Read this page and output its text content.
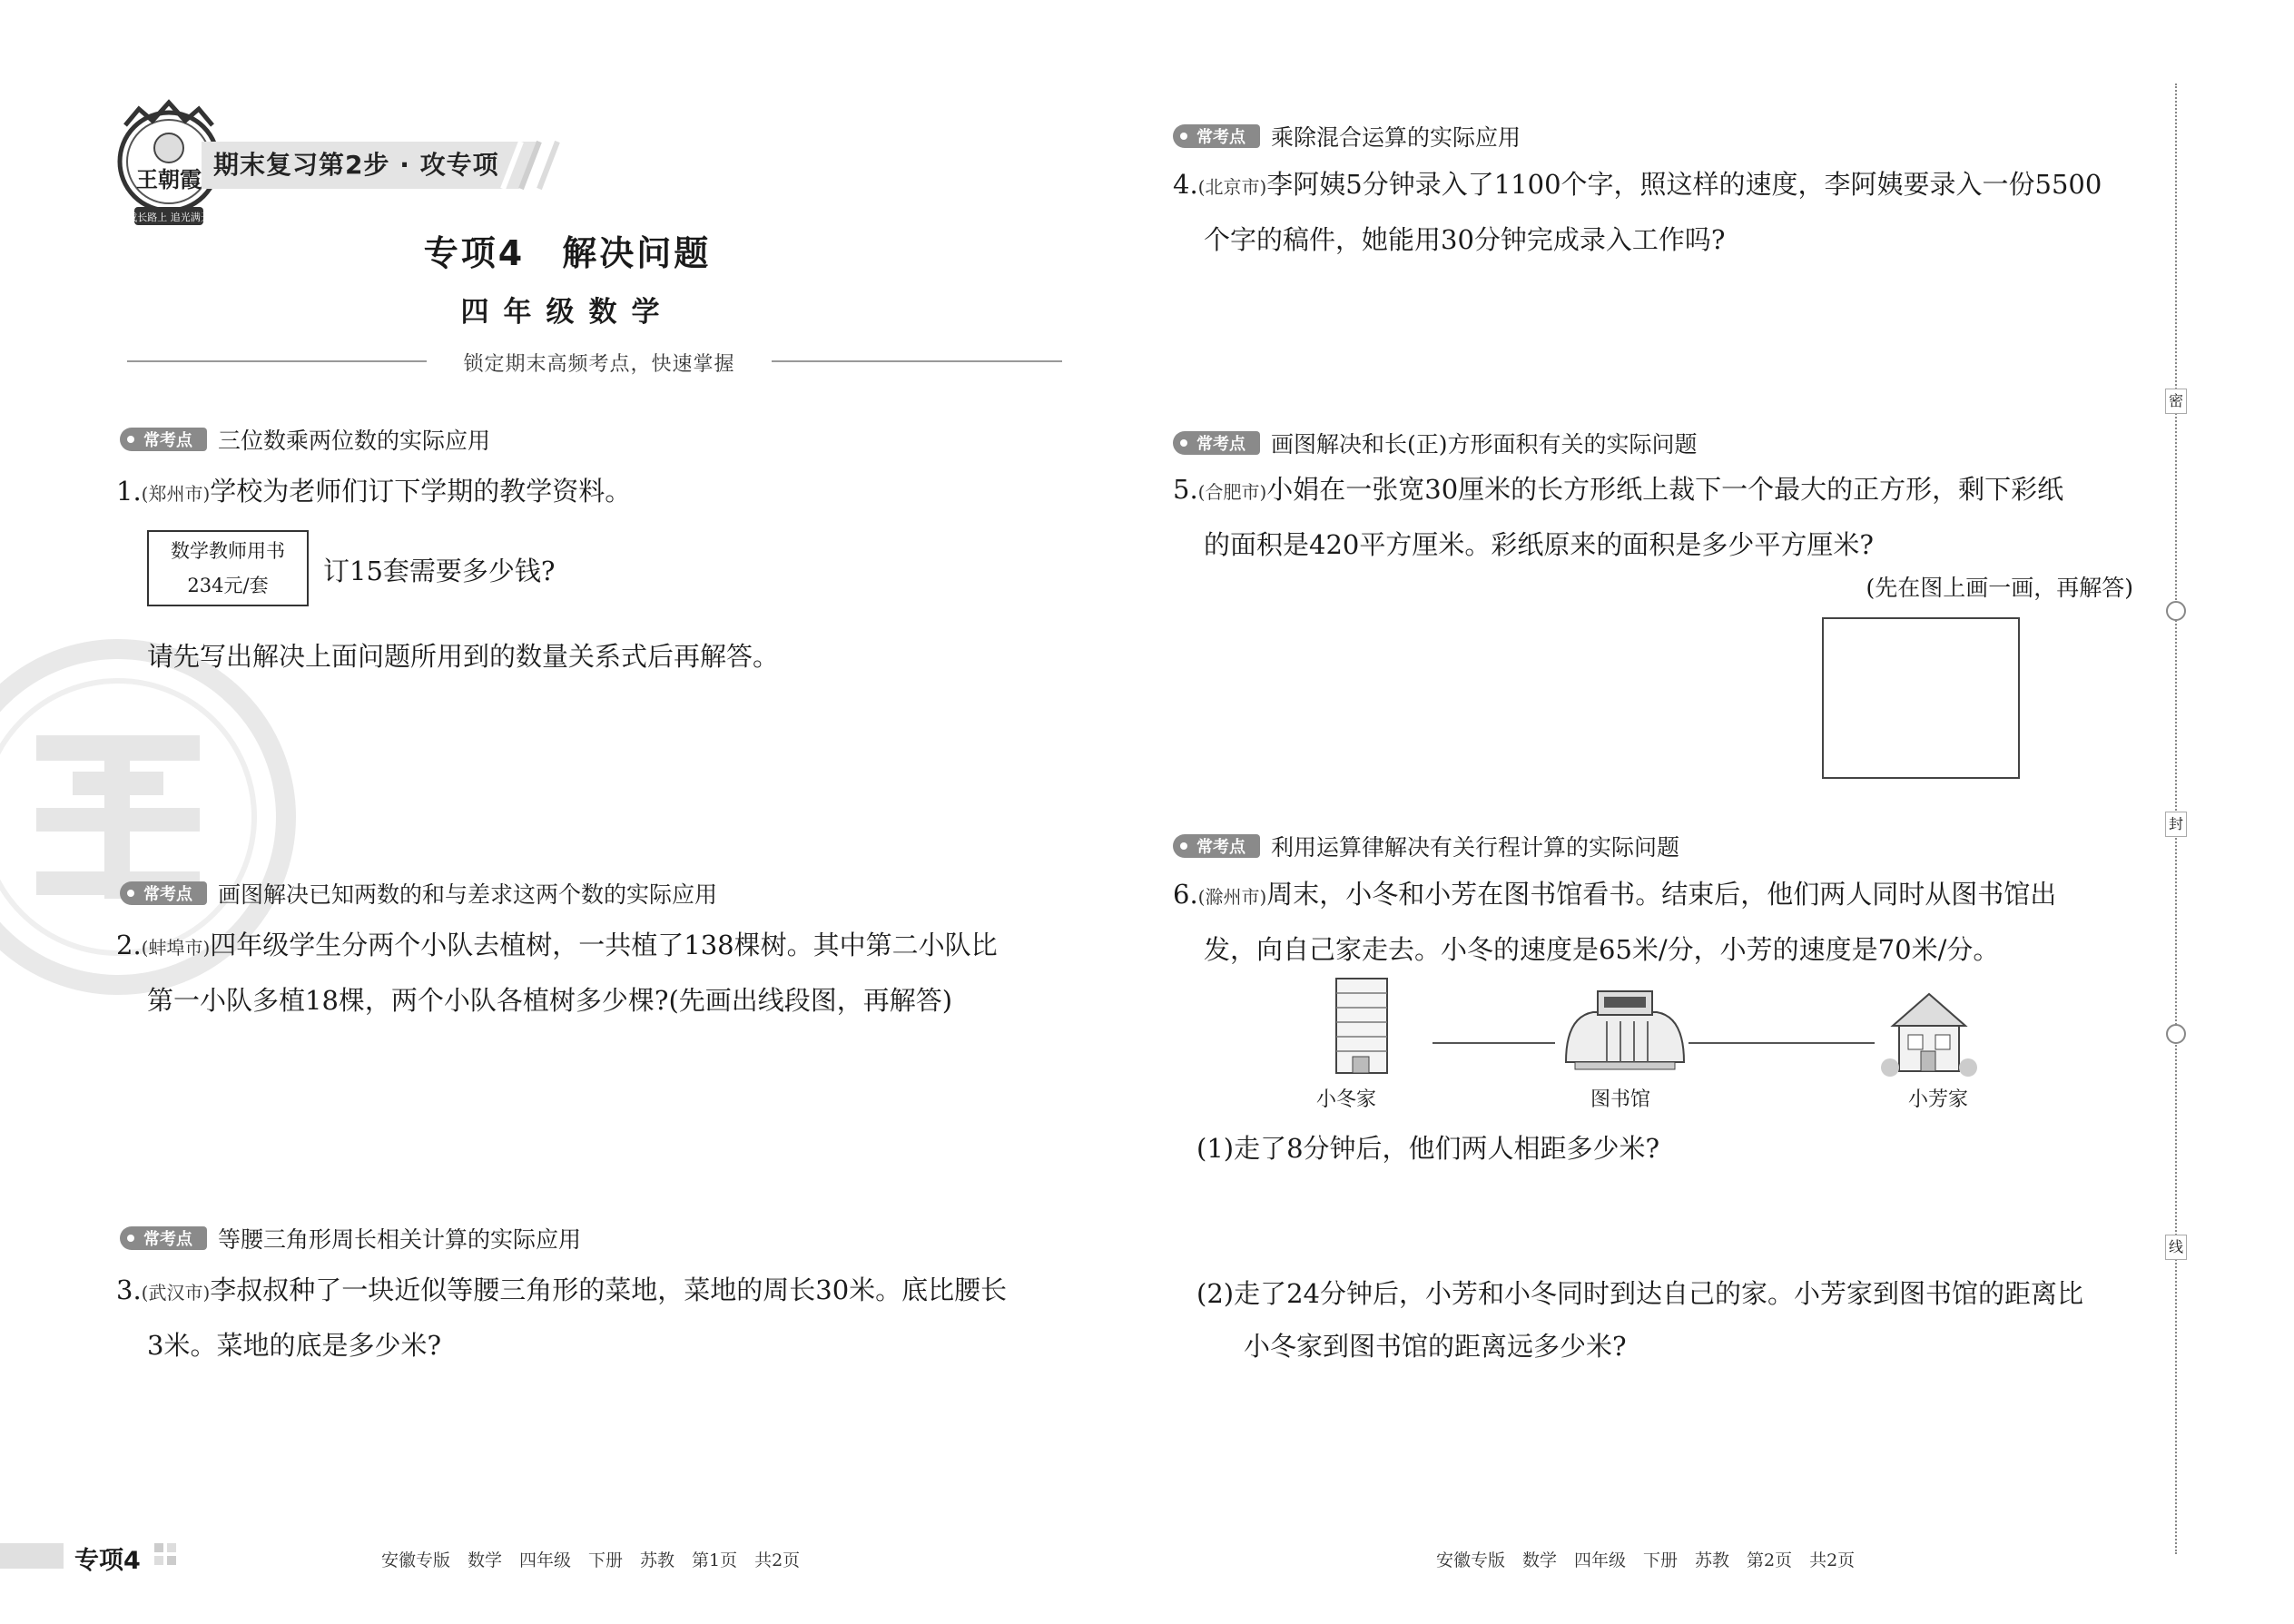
王朝霞
成长路上 追光满天
期末复习第2步 · 攻专项
专项4　解决问题
四年级数学
锁定期末高频考点，快速掌握
常考点 三位数乘两位数的实际应用
1.(郑州市)学校为老师们订下学期的教学资料。
数学教师用书
234元/套	订15套需要多少钱?
请先写出解决上面问题所用到的数量关系式后再解答。
常考点 画图解决已知两数的和与差求这两个数的实际应用
2.(蚌埠市)四年级学生分两个小队去植树，一共植了138棵树。其中第二小队比
第一小队多植18棵，两个小队各植树多少棵?(先画出线段图，再解答)
常考点 等腰三角形周长相关计算的实际应用
3.(武汉市)李叔叔种了一块近似等腰三角形的菜地，菜地的周长30米。底比腰长
3米。菜地的底是多少米?
常考点 乘除混合运算的实际应用
4.(北京市)李阿姨5分钟录入了1100个字，照这样的速度，李阿姨要录入一份5500
个字的稿件，她能用30分钟完成录入工作吗?
常考点 画图解决和长(正)方形面积有关的实际问题
5.(合肥市)小娟在一张宽30厘米的长方形纸上裁下一个最大的正方形，剩下彩纸
的面积是420平方厘米。彩纸原来的面积是多少平方厘米?
(先在图上画一画，再解答)
常考点 利用运算律解决有关行程计算的实际问题
6.(滁州市)周末，小冬和小芳在图书馆看书。结束后，他们两人同时从图书馆出
发，向自己家走去。小冬的速度是65米/分，小芳的速度是70米/分。
小冬家	图书馆	小芳家
(1)走了8分钟后，他们两人相距多少米?
(2)走了24分钟后，小芳和小冬同时到达自己的家。小芳家到图书馆的距离比
小冬家到图书馆的距离远多少米?
密
封
线
专项4	安徽专版　数学　四年级　下册　苏教　第1页　共2页	安徽专版　数学　四年级　下册　苏教　第2页　共2页
